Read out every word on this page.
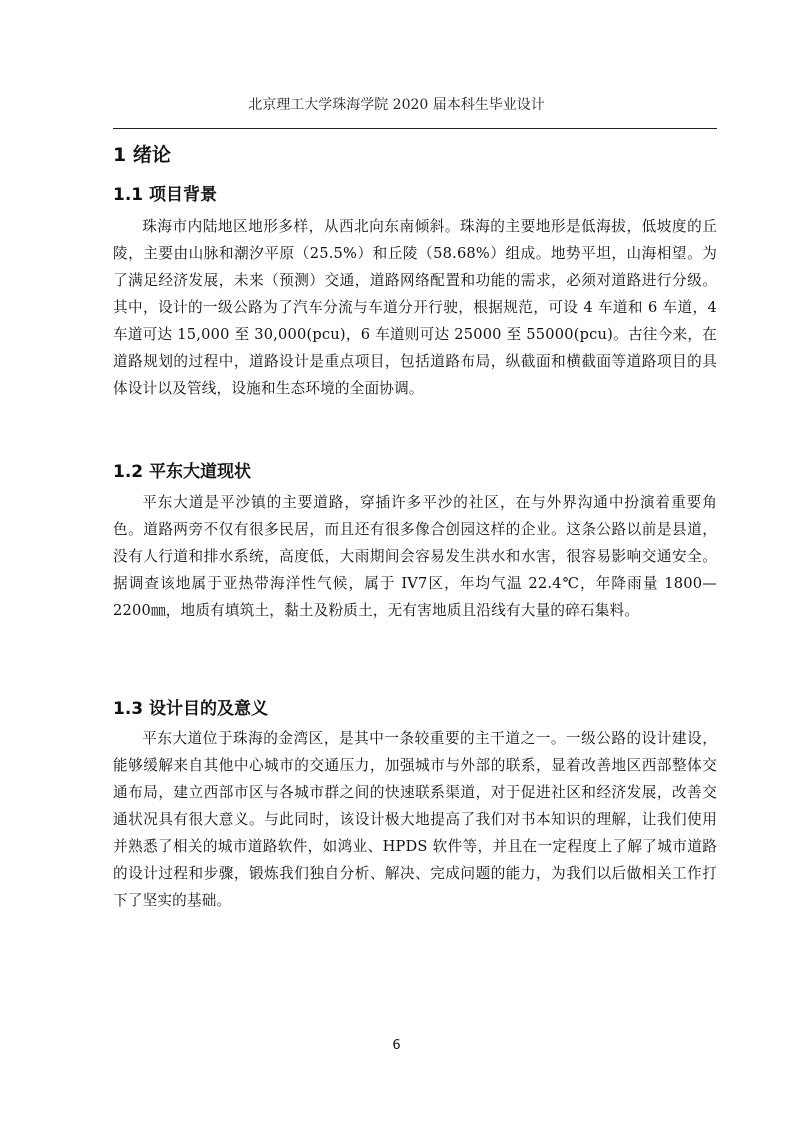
北京理工大学珠海学院 2020 届本科生毕业设计
1 绪论
1.1 项目背景

珠海市内陆地区地形多样，从西北向东南倾斜。珠海的主要地形是低海拔，低坡度的丘陵，主要由山脉和潮汐平原（25.5%）和丘陵（58.68%）组成。地势平坦，山海相望。为了满足经济发展，未来（预测）交通，道路网络配置和功能的需求，必须对道路进行分级。其中，设计的一级公路为了汽车分流与车道分开行驶，根据规范，可设 4 车道和 6 车道，4 车道可达 15,000 至 30,000(pcu)，6 车道则可达 25000 至 55000(pcu)。古往今来，在道路规划的过程中，道路设计是重点项目，包括道路布局，纵截面和横截面等道路项目的具体设计以及管线，设施和生态环境的全面协调。

1.2 平东大道现状

平东大道是平沙镇的主要道路，穿插许多平沙的社区，在与外界沟通中扮演着重要角色。道路两旁不仅有很多民居，而且还有很多像合创园这样的企业。这条公路以前是县道，没有人行道和排水系统，高度低，大雨期间会容易发生洪水和水害，很容易影响交通安全。据调查该地属于亚热带海洋性气候，属于 IV7区，年均气温 22.4℃，年降雨量 1800—2200㎜，地质有填筑土，黏土及粉质土，无有害地质且沿线有大量的碎石集料。

1.3 设计目的及意义

平东大道位于珠海的金湾区，是其中一条较重要的主干道之一。一级公路的设计建设，能够缓解来自其他中心城市的交通压力，加强城市与外部的联系，显着改善地区西部整体交通布局，建立西部市区与各城市群之间的快速联系渠道，对于促进社区和经济发展，改善交通状况具有很大意义。与此同时，该设计极大地提高了我们对书本知识的理解，让我们使用并熟悉了相关的城市道路软件，如鸿业、HPDS 软件等，并且在一定程度上了解了城市道路的设计过程和步骤，锻炼我们独自分析、解决、完成问题的能力，为我们以后做相关工作打下了坚实的基础。

6
